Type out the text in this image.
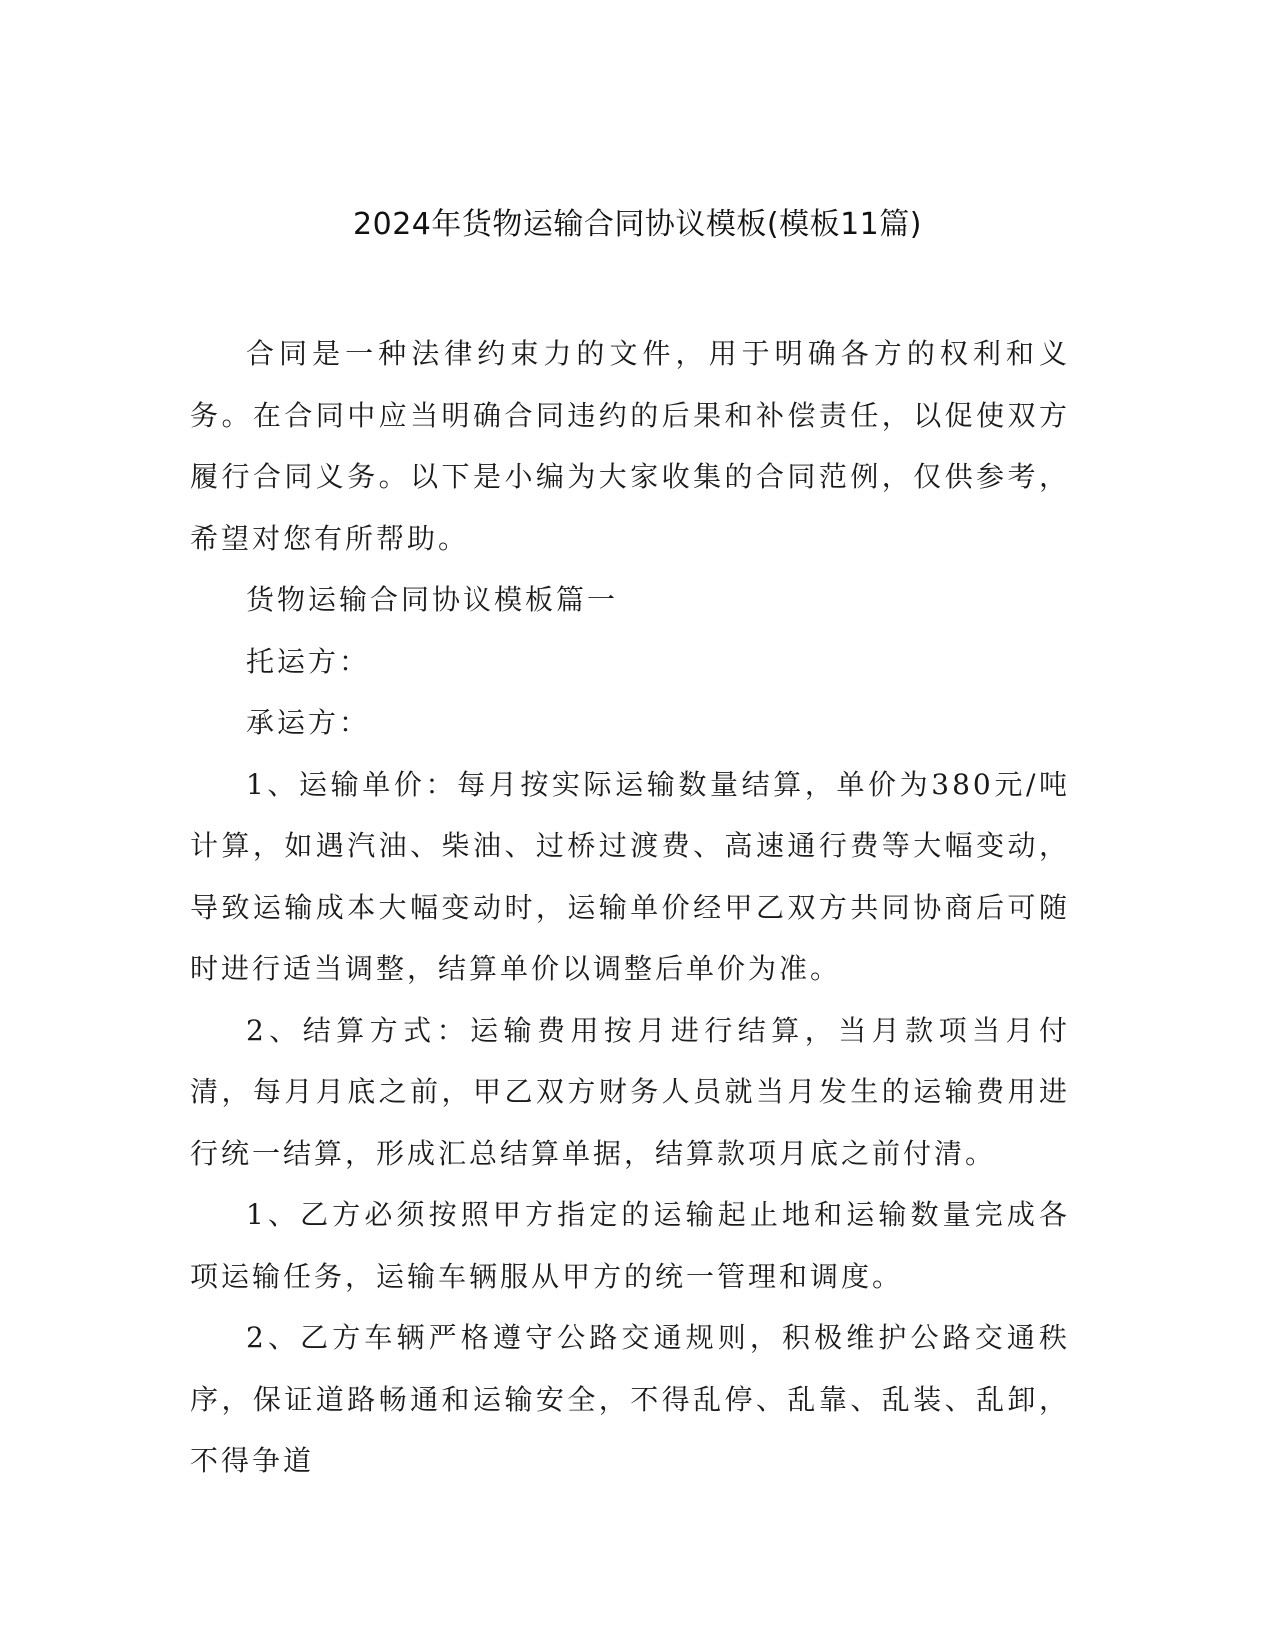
2024年货物运输合同协议模板(模板11篇)

合同是一种法律约束力的文件，用于明确各方的权利和义务。在合同中应当明确合同违约的后果和补偿责任，以促使双方履行合同义务。以下是小编为大家收集的合同范例，仅供参考，希望对您有所帮助。

货物运输合同协议模板篇一

托运方：

承运方：

1、运输单价：每月按实际运输数量结算，单价为380元/吨计算，如遇汽油、柴油、过桥过渡费、高速通行费等大幅变动，导致运输成本大幅变动时，运输单价经甲乙双方共同协商后可随时进行适当调整，结算单价以调整后单价为准。

2、结算方式：运输费用按月进行结算，当月款项当月付清，每月月底之前，甲乙双方财务人员就当月发生的运输费用进行统一结算，形成汇总结算单据，结算款项月底之前付清。

1、乙方必须按照甲方指定的运输起止地和运输数量完成各项运输任务，运输车辆服从甲方的统一管理和调度。

2、乙方车辆严格遵守公路交通规则，积极维护公路交通秩序，保证道路畅通和运输安全，不得乱停、乱靠、乱装、乱卸，不得争道
